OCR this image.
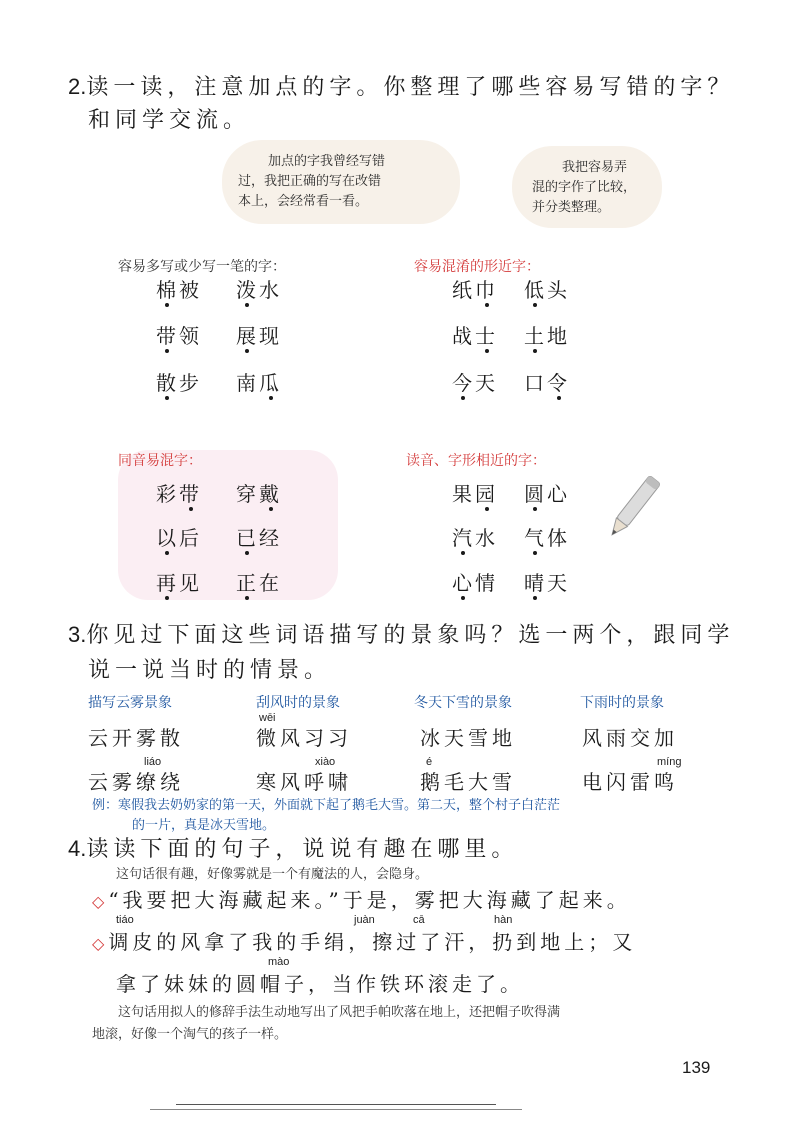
2.读一读，注意加点的字。你整理了哪些容易写错的字？
和同学交流。
加点的字我曾经写错
过，我把正确的写在改错
本上，会经常看一看。
我把容易弄
混的字作了比较，
并分类整理。
容易多写或少写一笔的字：	容易混淆的形近字：
同音易混字：	读音、字形相近的字：
棉被 泼水
带领 展现
散步 南瓜
纸巾 低头
战士 土地
今天 口令
彩带 穿戴
以后 已经
再见 正在
果园 圆心
汽水 气体
心情 晴天
3.你见过下面这些词语描写的景象吗？选一两个，跟同学
说一说当时的情景。
描写云雾景象	刮风时的景象	冬天下雪的景象	下雨时的景象
wēi
云开雾散	微风习习	冰天雪地	风雨交加
liáo	xiào	é	míng
云雾缭绕	寒风呼啸	鹅毛大雪	电闪雷鸣
例：寒假我去奶奶家的第一天，外面就下起了鹅毛大雪。第二天，整个村子白茫茫
的一片，真是冰天雪地。
4.读读下面的句子，说说有趣在哪里。
这句话很有趣，好像雾就是一个有魔法的人，会隐身。
◇“我要把大海藏起来。”于是，雾把大海藏了起来。
tiáo	juàn	cā	hàn
◇调皮的风拿了我的手绢，擦过了汗，扔到地上；又
mào
拿了妹妹的圆帽子，当作铁环滚走了。
这句话用拟人的修辞手法生动地写出了风把手帕吹落在地上，还把帽子吹得满
地滚，好像一个淘气的孩子一样。
139
